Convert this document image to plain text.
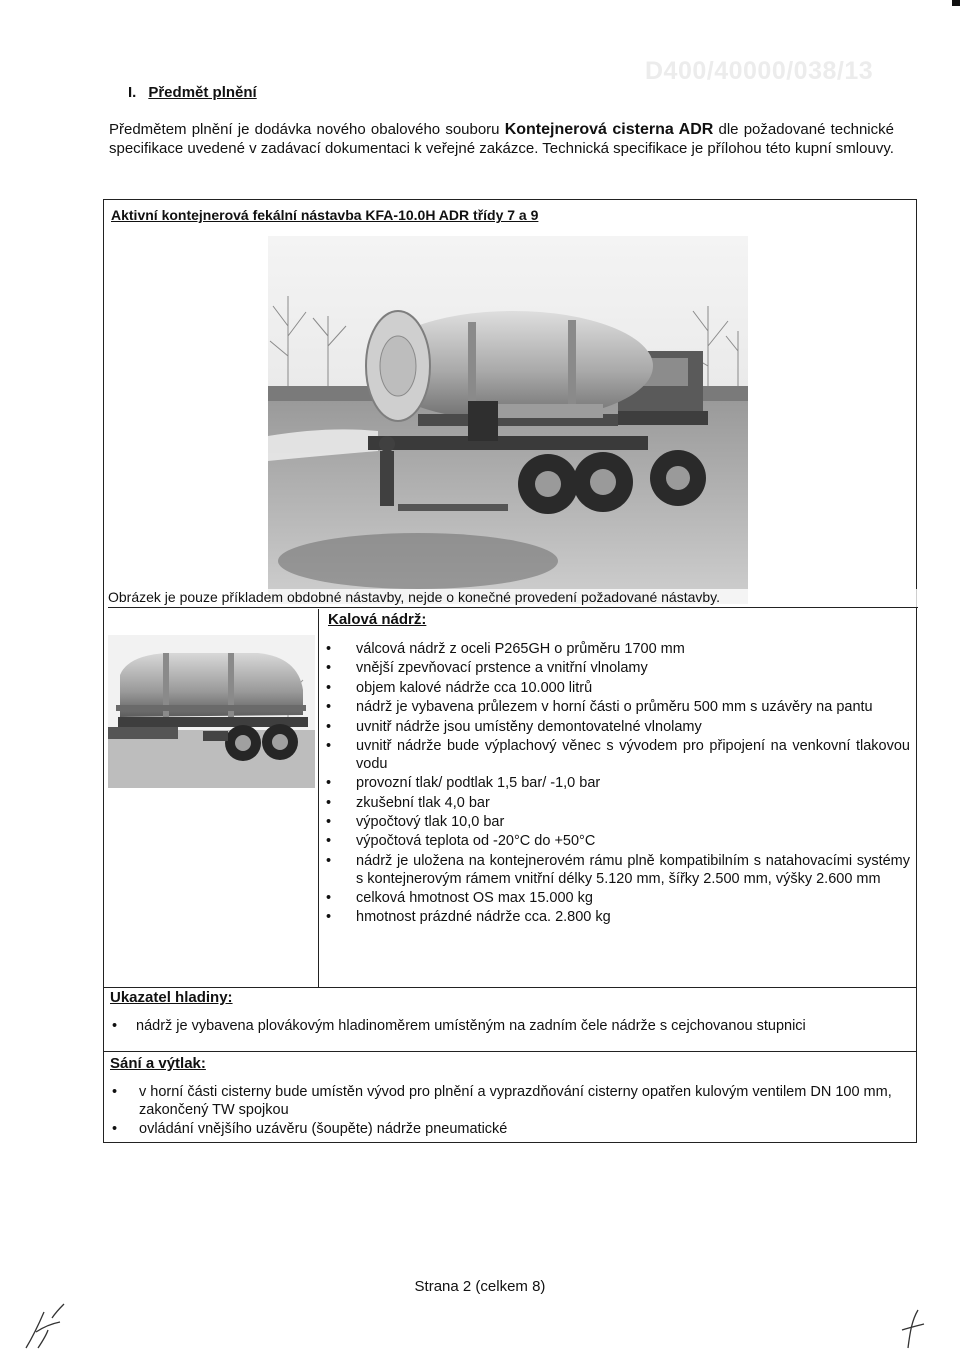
D400/40000/038/13
I. Předmět plnění
Předmětem plnění je dodávka nového obalového souboru Kontejnerová cisterna ADR dle požadované technické specifikace uvedené v zadávací dokumentaci k veřejné zakázce. Technická specifikace je přílohou této kupní smlouvy.
Aktivní kontejnerová fekální nástavba KFA-10.0H ADR třídy 7 a 9
Obrázek je pouze příkladem obdobné nástavby, nejde o konečné provedení požadované nástavby.
Kalová nádrž:
• válcová nádrž z oceli P265GH o průměru 1700 mm
• vnější zpevňovací prstence a vnitřní vlnolamy
• objem kalové nádrže cca 10.000 litrů
• nádrž je vybavena průlezem v horní části o průměru 500 mm s uzávěry na pantu
• uvnitř nádrže jsou umístěny demontovatelné vlnolamy
• uvnitř nádrže bude výplachový věnec s vývodem pro připojení na venkovní tlakovou vodu
• provozní tlak/ podtlak 1,5 bar/ -1,0 bar
• zkušební tlak 4,0 bar
• výpočtový tlak 10,0 bar
• výpočtová teplota od -20°C do +50°C
• nádrž je uložena na kontejnerovém rámu plně kompatibilním s natahovacími systémy s kontejnerovým rámem vnitřní délky 5.120 mm, šířky 2.500 mm, výšky 2.600 mm
• celková hmotnost OS max 15.000 kg
• hmotnost prázdné nádrže cca. 2.800 kg
Ukazatel hladiny:
• nádrž je vybavena plovákovým hladinoměrem umístěným na zadním čele nádrže s cejchovanou stupnici
Sání a výtlak:
• v horní části cisterny bude umístěn vývod pro plnění a vyprazdňování cisterny opatřen kulovým ventilem DN 100 mm, zakončený TW spojkou
• ovládání vnějšího uzávěru (šoupěte) nádrže pneumatické
Strana 2 (celkem 8)
